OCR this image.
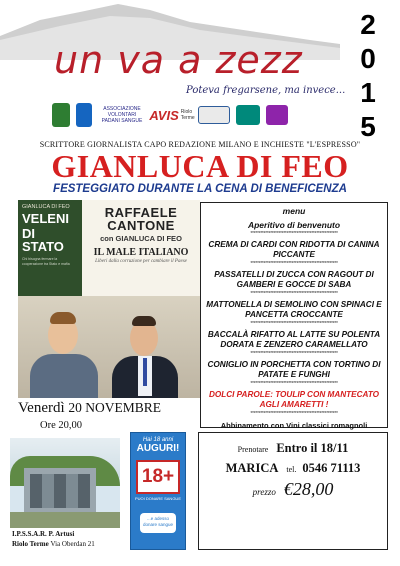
2
0
1
5
un va a zezz
Poteva fregarsene, ma invece...
ASSOCIAZIONE VOLONTARI PADANI SANGUE AVIS Riolo Terme
SCRITTORE GIORNALISTA CAPO REDAZIONE MILANO E INCHIESTE "L'ESPRESSO"
GIANLUCA DI FEO
FESTEGGIATO DURANTE LA CENA DI BENEFICENZA
GIANLUCA DI FEO
VELENI
DI STATO
Chi bisogna fermare la cooperazione tra Stato e mafia
RAFFAELE CANTONE
con GIANLUCA DI FEO
IL MALE ITALIANO
Liberi dalla corruzione per cambiare il Paese
Venerdì 20 NOVEMBRE
Ore 20,00
I.P.S.S.A.R. P. Artusi
Riolo Terme Via Oberdan 21
Hai 18 anni
AUGURI!
18+
PUOI DONARE SANGUE
...e adesso donare sangue
menu
Aperitivo di benvenuto
*****************************************************
CREMA DI CARDI CON RIDOTTA DI CANINA PICCANTE
*****************************************************
PASSATELLI DI ZUCCA CON RAGOUT DI GAMBERI E GOCCE DI SABA
*****************************************************
MATTONELLA DI SEMOLINO CON SPINACI E PANCETTA CROCCANTE
*****************************************************
BACCALÀ RIFATTO AL LATTE SU POLENTA DORATA E ZENZERO CARAMELLATO
*****************************************************
CONIGLIO IN PORCHETTA CON TORTINO DI PATATE E FUNGHI
*****************************************************
DOLCI PAROLE: TOULIP CON MANTECATO AGLI AMARETTI !
*****************************************************
Abbinamento con Vini classici romagnoli
Prenotare Entro il 18/11
MARICA tel. 0546 71113
prezzo €28,00
